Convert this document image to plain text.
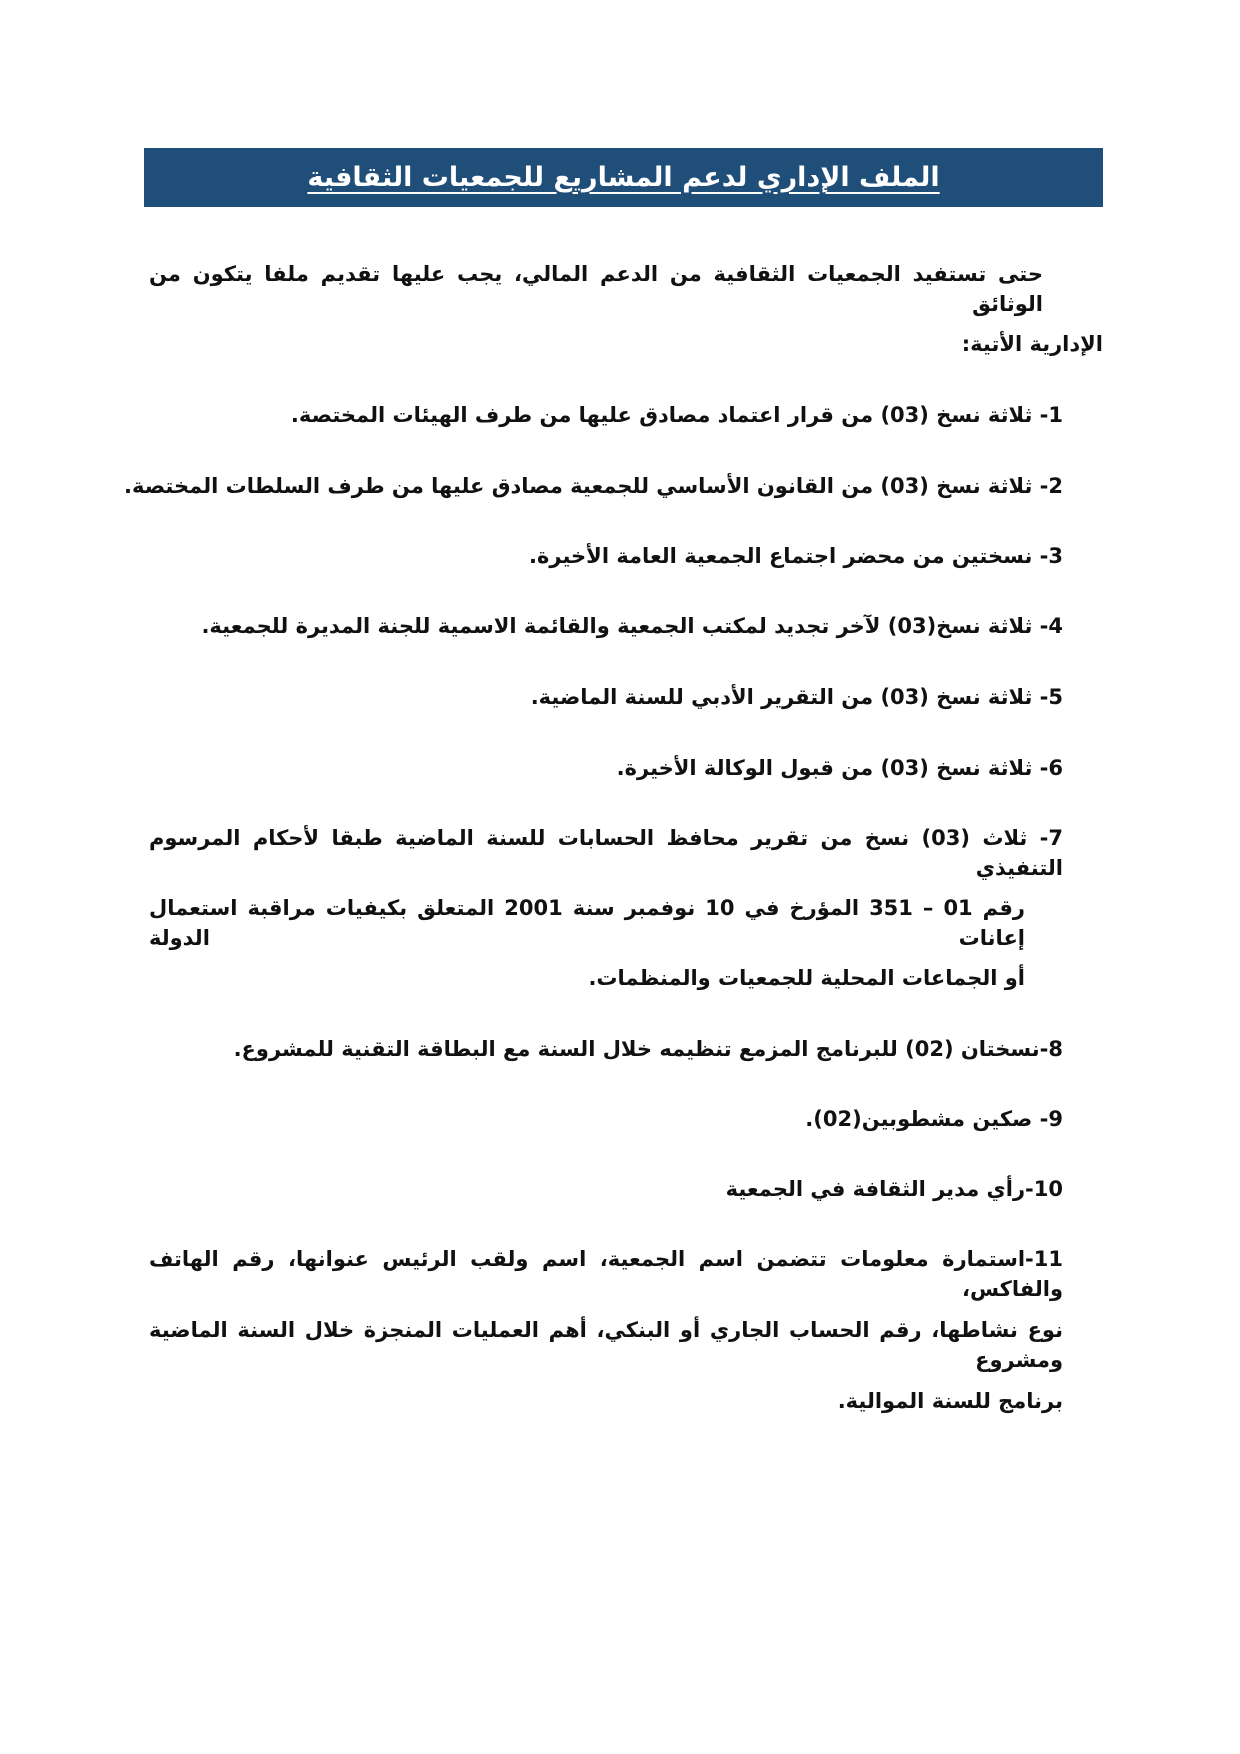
الملف الإداري لدعم المشاريع للجمعيات الثقافية
حتى تستفيد الجمعيات الثقافية من الدعم المالي، يجب عليها تقديم ملفا يتكون من الوثائق
الإدارية الأتية:
1- ثلاثة نسخ (03) من قرار اعتماد مصادق عليها من طرف الهيئات المختصة.
2- ثلاثة نسخ (03) من القانون الأساسي للجمعية مصادق عليها من طرف السلطات المختصة.
3- نسختين من محضر اجتماع الجمعية العامة الأخيرة.
4- ثلاثة نسخ(03) لآخر تجديد لمكتب الجمعية والقائمة الاسمية للجنة المديرة للجمعية.
5- ثلاثة نسخ (03) من التقرير الأدبي للسنة الماضية.
6- ثلاثة نسخ (03) من قبول الوكالة الأخيرة.
7- ثلاث (03) نسخ من تقرير محافظ الحسابات للسنة الماضية طبقا لأحكام المرسوم التنفيذي
رقم 01 – 351 المؤرخ في 10 نوفمبر سنة 2001 المتعلق بكيفيات مراقبة استعمال إعانات الدولة
أو الجماعات المحلية للجمعيات والمنظمات.
8-نسختان (02) للبرنامج المزمع تنظيمه خلال السنة مع البطاقة التقنية للمشروع.
9- صكين مشطوبين(02).
10-رأي مدير الثقافة في الجمعية
11-استمارة معلومات تتضمن اسم الجمعية، اسم ولقب الرئيس عنوانها، رقم الهاتف والفاكس،
نوع نشاطها، رقم الحساب الجاري أو البنكي، أهم العمليات المنجزة خلال السنة الماضية ومشروع
برنامج للسنة الموالية.
